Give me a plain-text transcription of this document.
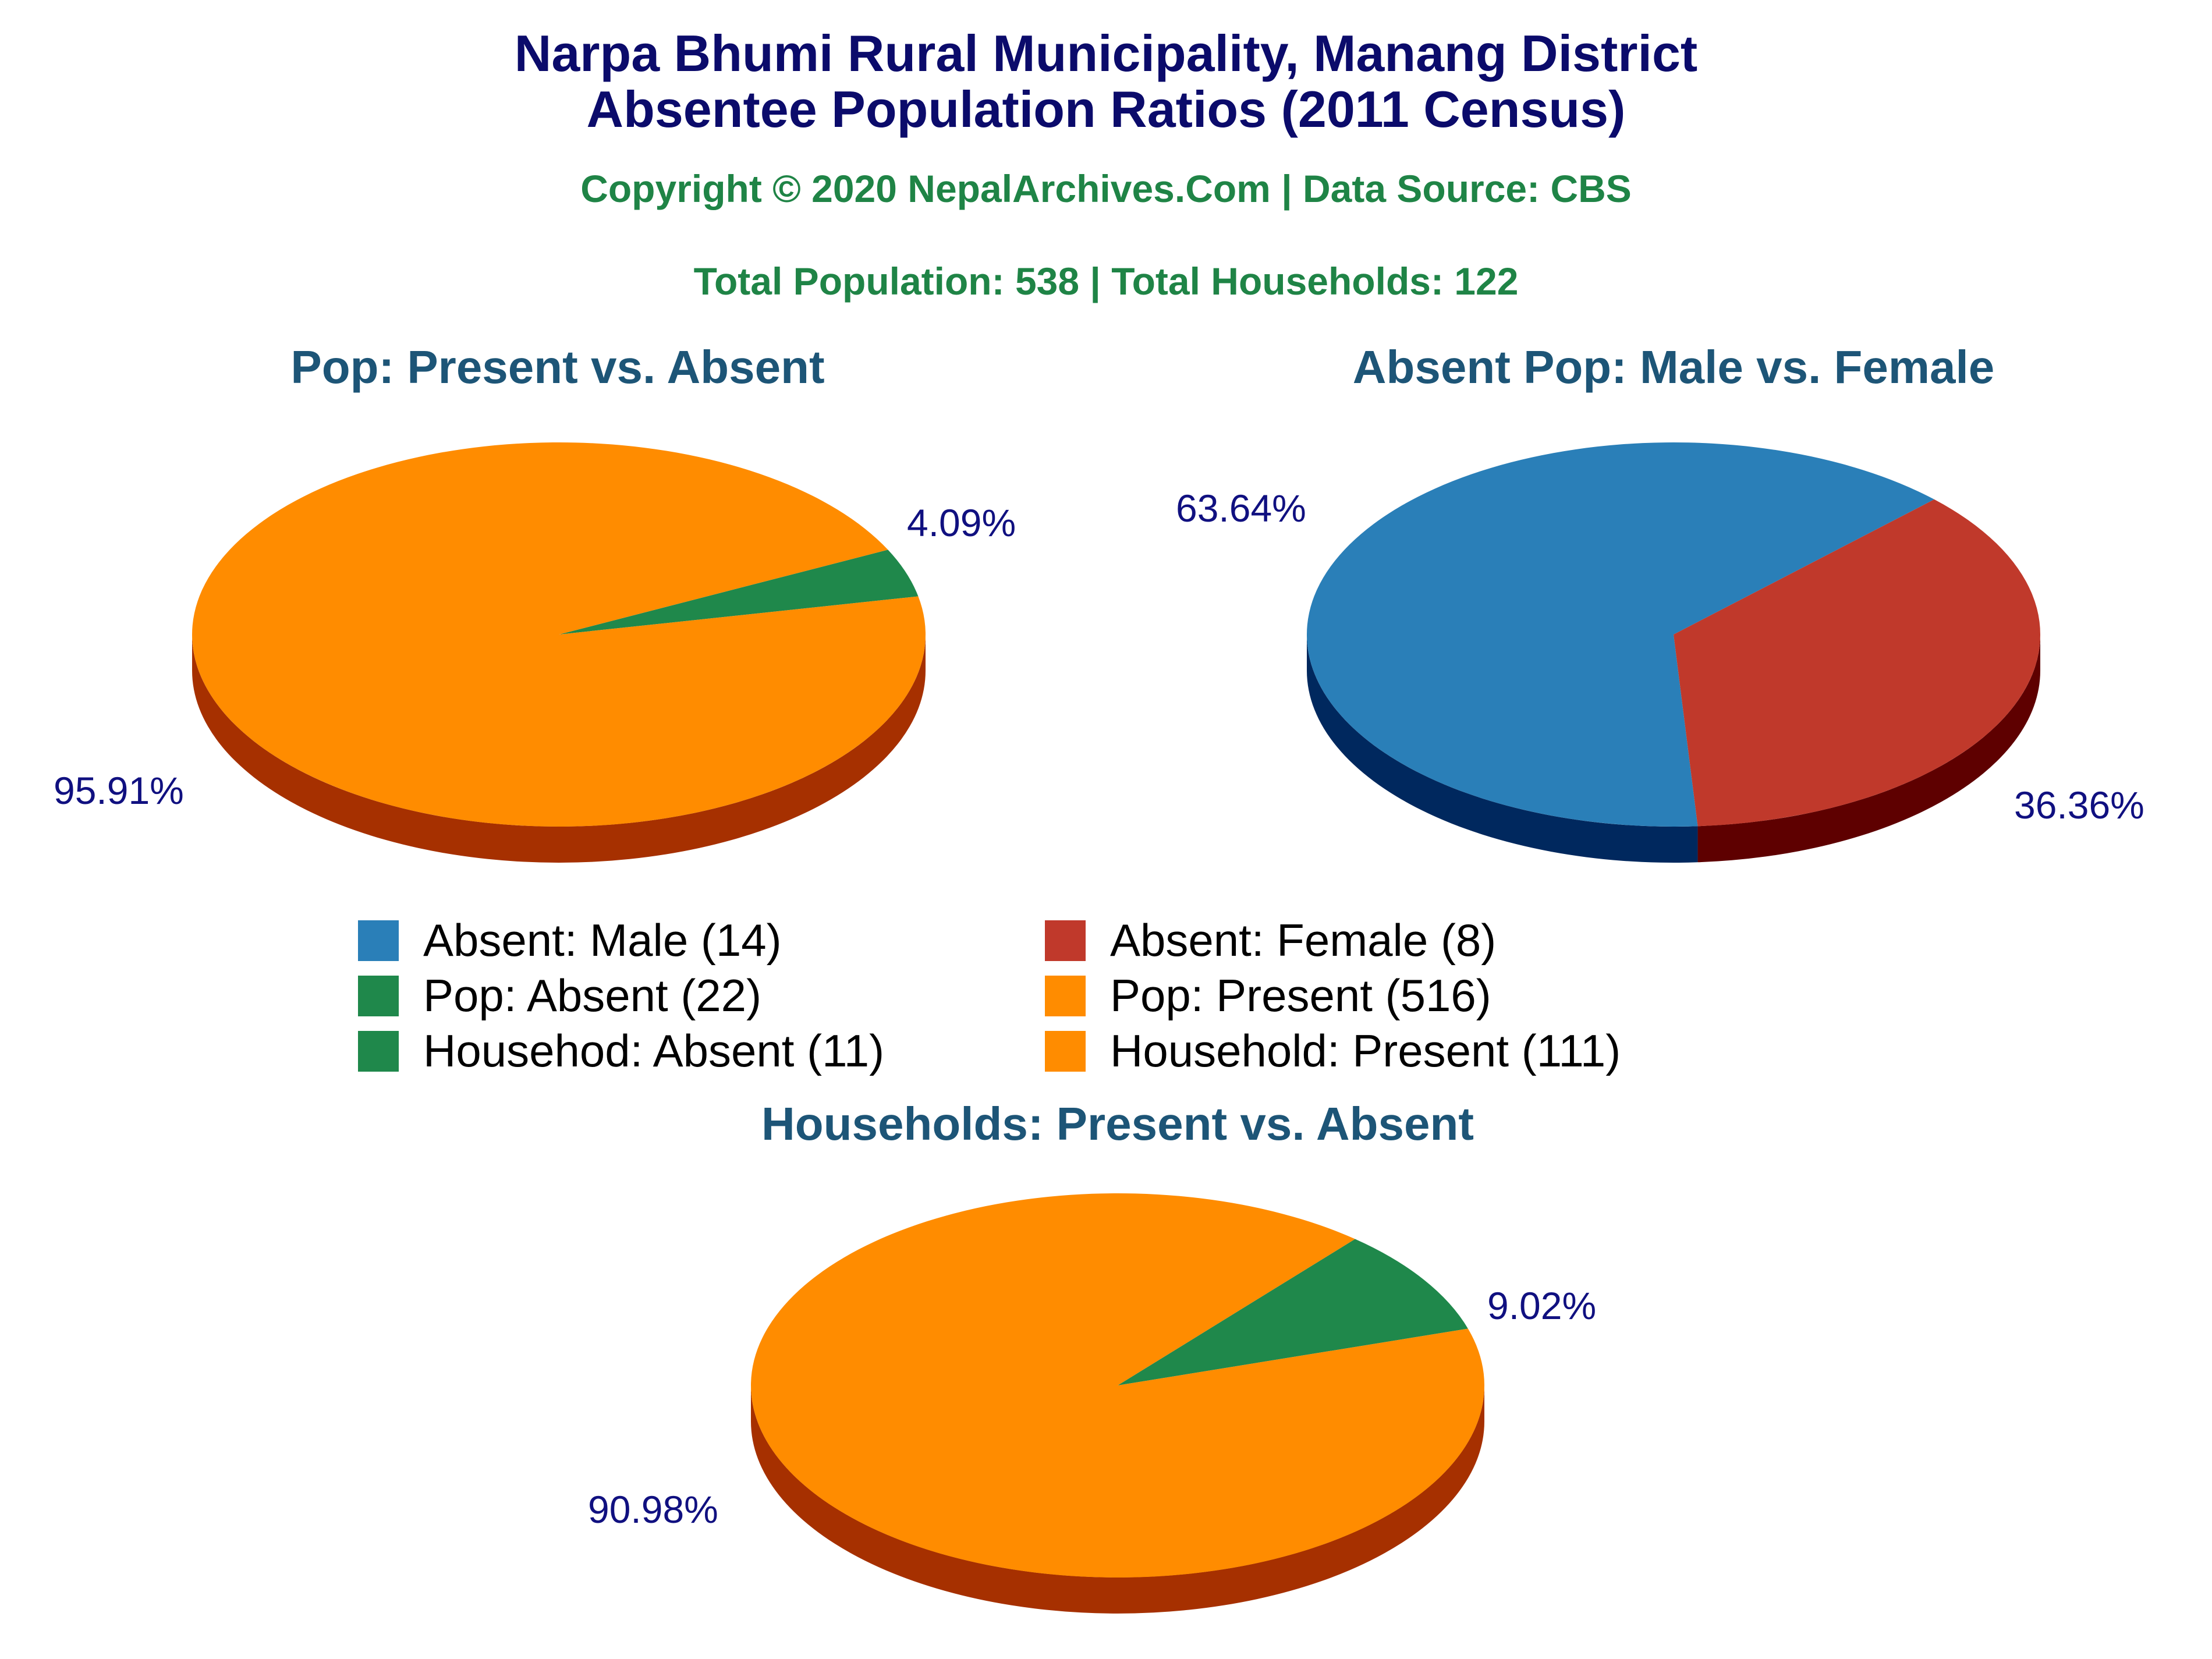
Narpa Bhumi Rural Municipality, Manang District
Absentee Population Ratios (2011 Census)
Copyright © 2020 NepalArchives.Com | Data Source: CBS
Total Population: 538 | Total Households: 122
Pop: Present vs. Absent	Absent Pop: Male vs. Female
Households: Present vs. Absent
4.09%
95.91%
63.64%
36.36%
9.02%
90.98%
Absent: Male (14)	Absent: Female (8)
Pop: Absent (22)	Pop: Present (516)
Househod: Absent (11)	Household: Present (111)
